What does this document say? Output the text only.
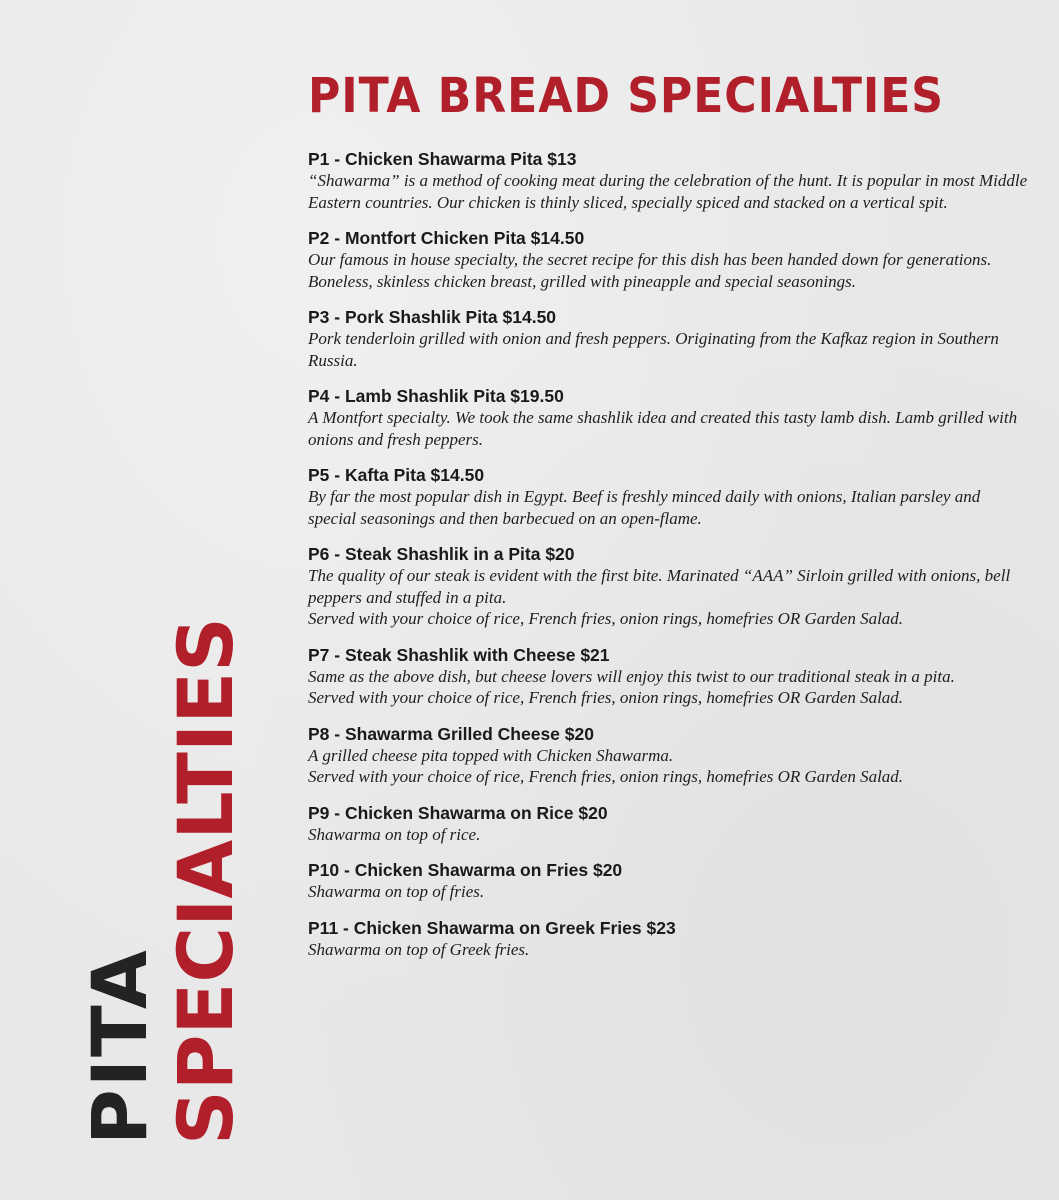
PITA BREAD SPECIALTIES
PITA
SPECIALTIES
P1 - Chicken Shawarma Pita $13
“Shawarma” is a method of cooking meat during the celebration of the hunt. It is popular in most Middle Eastern countries. Our chicken is thinly sliced, specially spiced and stacked on a vertical spit.
P2 - Montfort Chicken Pita $14.50
Our famous in house specialty, the secret recipe for this dish has been handed down for generations. Boneless, skinless chicken breast, grilled with pineapple and special seasonings.
P3 - Pork Shashlik Pita $14.50
Pork tenderloin grilled with onion and fresh peppers. Originating from the Kafkaz region in Southern Russia.
P4 - Lamb Shashlik Pita $19.50
A Montfort specialty. We took the same shashlik idea and created this tasty lamb dish. Lamb grilled with onions and fresh peppers.
P5 - Kafta Pita $14.50
By far the most popular dish in Egypt. Beef is freshly minced daily with onions, Italian parsley and special seasonings and then barbecued on an open-flame.
P6 - Steak Shashlik in a Pita $20
The quality of our steak is evident with the first bite. Marinated “AAA” Sirloin grilled with onions, bell peppers and stuffed in a pita.
Served with your choice of rice, French fries, onion rings, homefries OR Garden Salad.
P7 - Steak Shashlik with Cheese $21
Same as the above dish, but cheese lovers will enjoy this twist to our traditional steak in a pita.
Served with your choice of rice, French fries, onion rings, homefries OR Garden Salad.
P8 - Shawarma Grilled Cheese $20
A grilled cheese pita topped with Chicken Shawarma.
Served with your choice of rice, French fries, onion rings, homefries OR Garden Salad.
P9 - Chicken Shawarma on Rice $20
Shawarma on top of rice.
P10 - Chicken Shawarma on Fries $20
Shawarma on top of fries.
P11 - Chicken Shawarma on Greek Fries $23
Shawarma on top of Greek fries.
